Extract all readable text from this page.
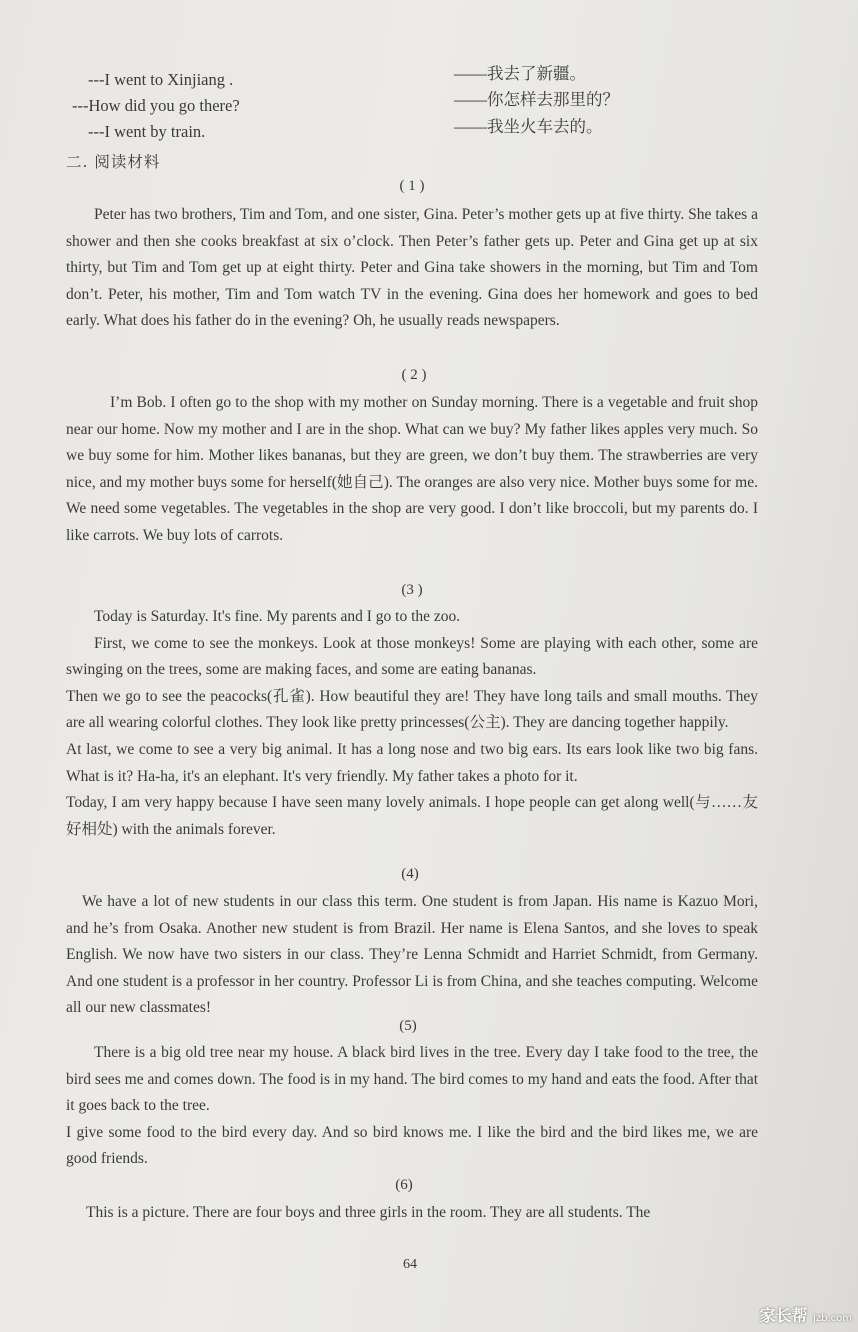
---I went to Xinjiang .
---How did you go there?
---I went by train.
——我去了新疆。
——你怎样去那里的？
——我坐火车去的。
二. 阅读材料
( 1 )

Peter has two brothers, Tim and Tom, and one sister, Gina. Peter’s mother gets up at five thirty. She takes a shower and then she cooks breakfast at six o’clock. Then Peter’s father gets up. Peter and Gina get up at six thirty, but Tim and Tom get up at eight thirty. Peter and Gina take showers in the morning, but Tim and Tom don’t. Peter, his mother, Tim and Tom watch TV in the evening. Gina does her homework and goes to bed early. What does his father do in the evening? Oh, he usually reads newspapers.

( 2 )

I’m Bob. I often go to the shop with my mother on Sunday morning. There is a vegetable and fruit shop near our home. Now my mother and I are in the shop. What can we buy? My father likes apples very much. So we buy some for him. Mother likes bananas, but they are green, we don’t buy them. The strawberries are very nice, and my mother buys some for herself(她自己). The oranges are also very nice. Mother buys some for me. We need some vegetables. The vegetables in the shop are very good. I don’t like broccoli, but my parents do. I like carrots. We buy lots of carrots.

(3 )

Today is Saturday. It's fine. My parents and I go to the zoo.

First, we come to see the monkeys. Look at those monkeys! Some are playing with each other, some are swinging on the trees, some are making faces, and some are eating bananas.

Then we go to see the peacocks(孔雀). How beautiful they are! They have long tails and small mouths. They are all wearing colorful clothes. They look like pretty princesses(公主). They are dancing together happily.

At last, we come to see a very big animal. It has a long nose and two big ears. Its ears look like two big fans. What is it? Ha-ha, it's an elephant. It's very friendly. My father takes a photo for it.

Today, I am very happy because I have seen many lovely animals. I hope people can get along well(与……友好相处) with the animals forever.

(4)

We have a lot of new students in our class this term. One student is from Japan. His name is Kazuo Mori, and he’s from Osaka. Another new student is from Brazil. Her name is Elena Santos, and she loves to speak English. We now have two sisters in our class. They’re Lenna Schmidt and Harriet Schmidt, from Germany. And one student is a professor in her country. Professor Li is from China, and she teaches computing. Welcome all our new classmates!

(5)

There is a big old tree near my house. A black bird lives in the tree. Every day I take food to the tree, the bird sees me and comes down. The food is in my hand. The bird comes to my hand and eats the food. After that it goes back to the tree.

I give some food to the bird every day. And so bird knows me. I like the bird and the bird likes me, we are good friends.

(6)

This is a picture. There are four boys and three girls in the room. They are all students. The

64
家长帮 jzb.com
